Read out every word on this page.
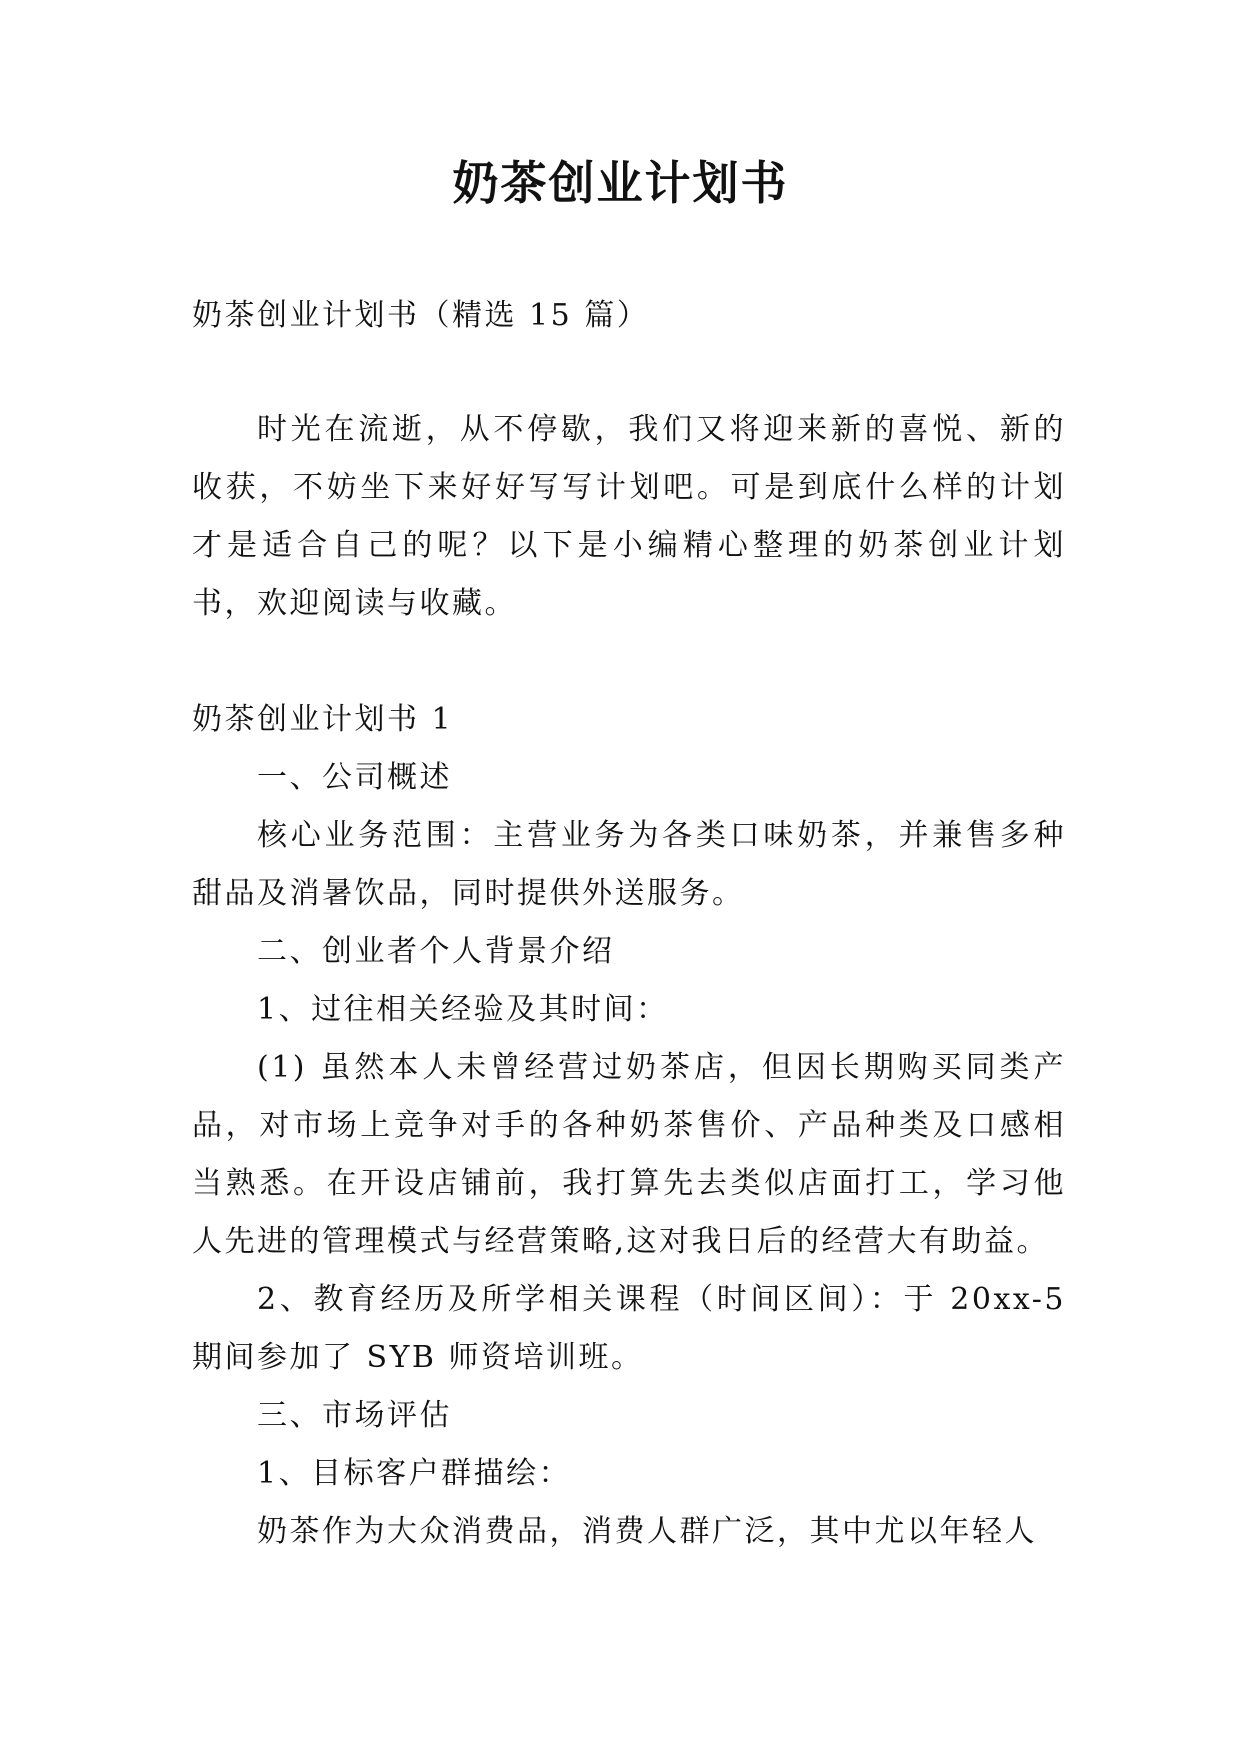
奶茶创业计划书

奶茶创业计划书（精选 15 篇）

时光在流逝，从不停歇，我们又将迎来新的喜悦、新的收获，不妨坐下来好好写写计划吧。可是到底什么样的计划才是适合自己的呢？以下是小编精心整理的奶茶创业计划书，欢迎阅读与收藏。

奶茶创业计划书 1

一、公司概述

核心业务范围：主营业务为各类口味奶茶，并兼售多种甜品及消暑饮品，同时提供外送服务。

二、创业者个人背景介绍

1、过往相关经验及其时间：

(1) 虽然本人未曾经营过奶茶店，但因长期购买同类产品，对市场上竞争对手的各种奶茶售价、产品种类及口感相当熟悉。在开设店铺前，我打算先去类似店面打工，学习他人先进的管理模式与经营策略,这对我日后的经营大有助益。

2、教育经历及所学相关课程（时间区间）：于 20xx-5 期间参加了 SYB 师资培训班。

三、市场评估

1、目标客户群描绘：

奶茶作为大众消费品，消费人群广泛，其中尤以年轻人
